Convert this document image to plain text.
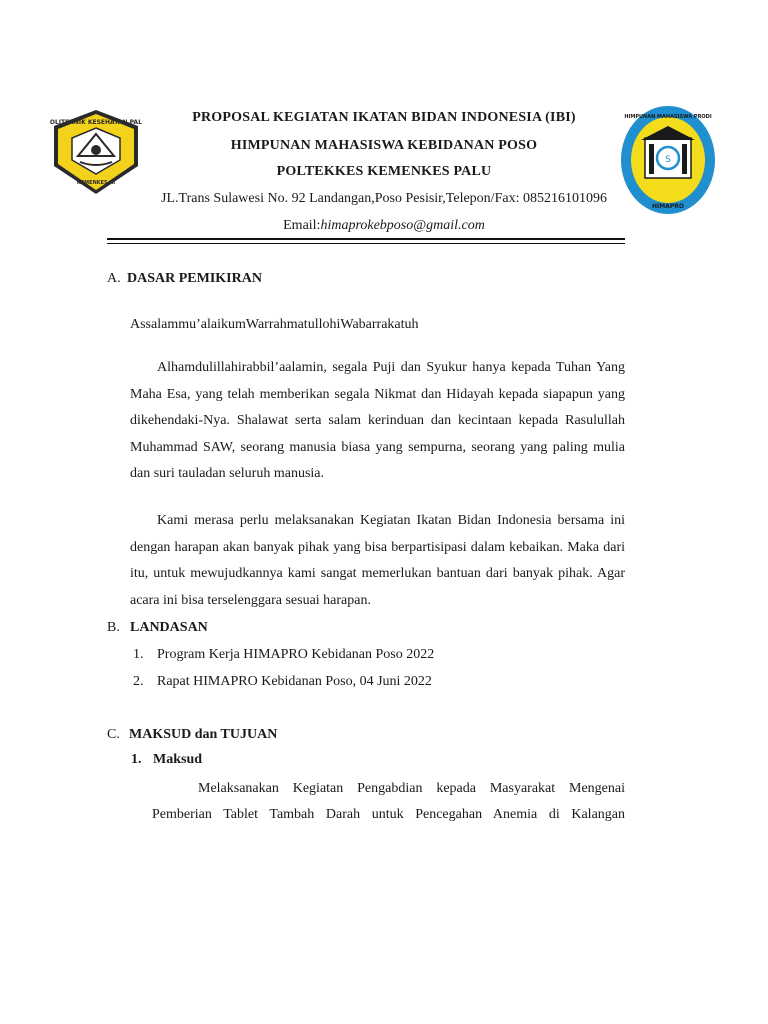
POLITEKNIK KESEHATAN PALU
KEMENKES RI
S
HIMPUNAN MAHASISWA PRODI
HIMAPRO
PROPOSAL KEGIATAN IKATAN BIDAN INDONESIA (IBI)
HIMPUNAN MAHASISWA KEBIDANAN POSO
POLTEKKES KEMENKES PALU
JL.Trans Sulawesi No. 92 Landangan,Poso Pesisir,Telepon/Fax: 085216101096
Email:himaprokebposo@gmail.com
A. DASAR PEMIKIRAN
Assalammu’alaikumWarrahmatullohiWabarrakatuh
Alhamdulillahirabbil’aalamin, segala Puji dan Syukur hanya kepada Tuhan Yang Maha Esa, yang telah memberikan segala Nikmat dan Hidayah kepada siapapun yang dikehendaki-Nya. Shalawat serta salam kerinduan dan kecintaan kepada Rasulullah Muhammad SAW, seorang manusia biasa yang sempurna, seorang yang paling mulia dan suri tauladan seluruh manusia.
Kami merasa perlu melaksanakan Kegiatan Ikatan Bidan Indonesia bersama ini dengan harapan akan banyak pihak yang bisa berpartisipasi dalam kebaikan. Maka dari itu, untuk mewujudkannya kami sangat memerlukan bantuan dari banyak pihak. Agar acara ini bisa terselenggara sesuai harapan.
B. LANDASAN
1. Program Kerja HIMAPRO Kebidanan Poso 2022
2. Rapat HIMAPRO Kebidanan Poso, 04 Juni 2022
C. MAKSUD dan TUJUAN
1. Maksud
Melaksanakan Kegiatan Pengabdian kepada Masyarakat Mengenai
Pemberian Tablet Tambah Darah untuk Pencegahan Anemia di Kalangan
